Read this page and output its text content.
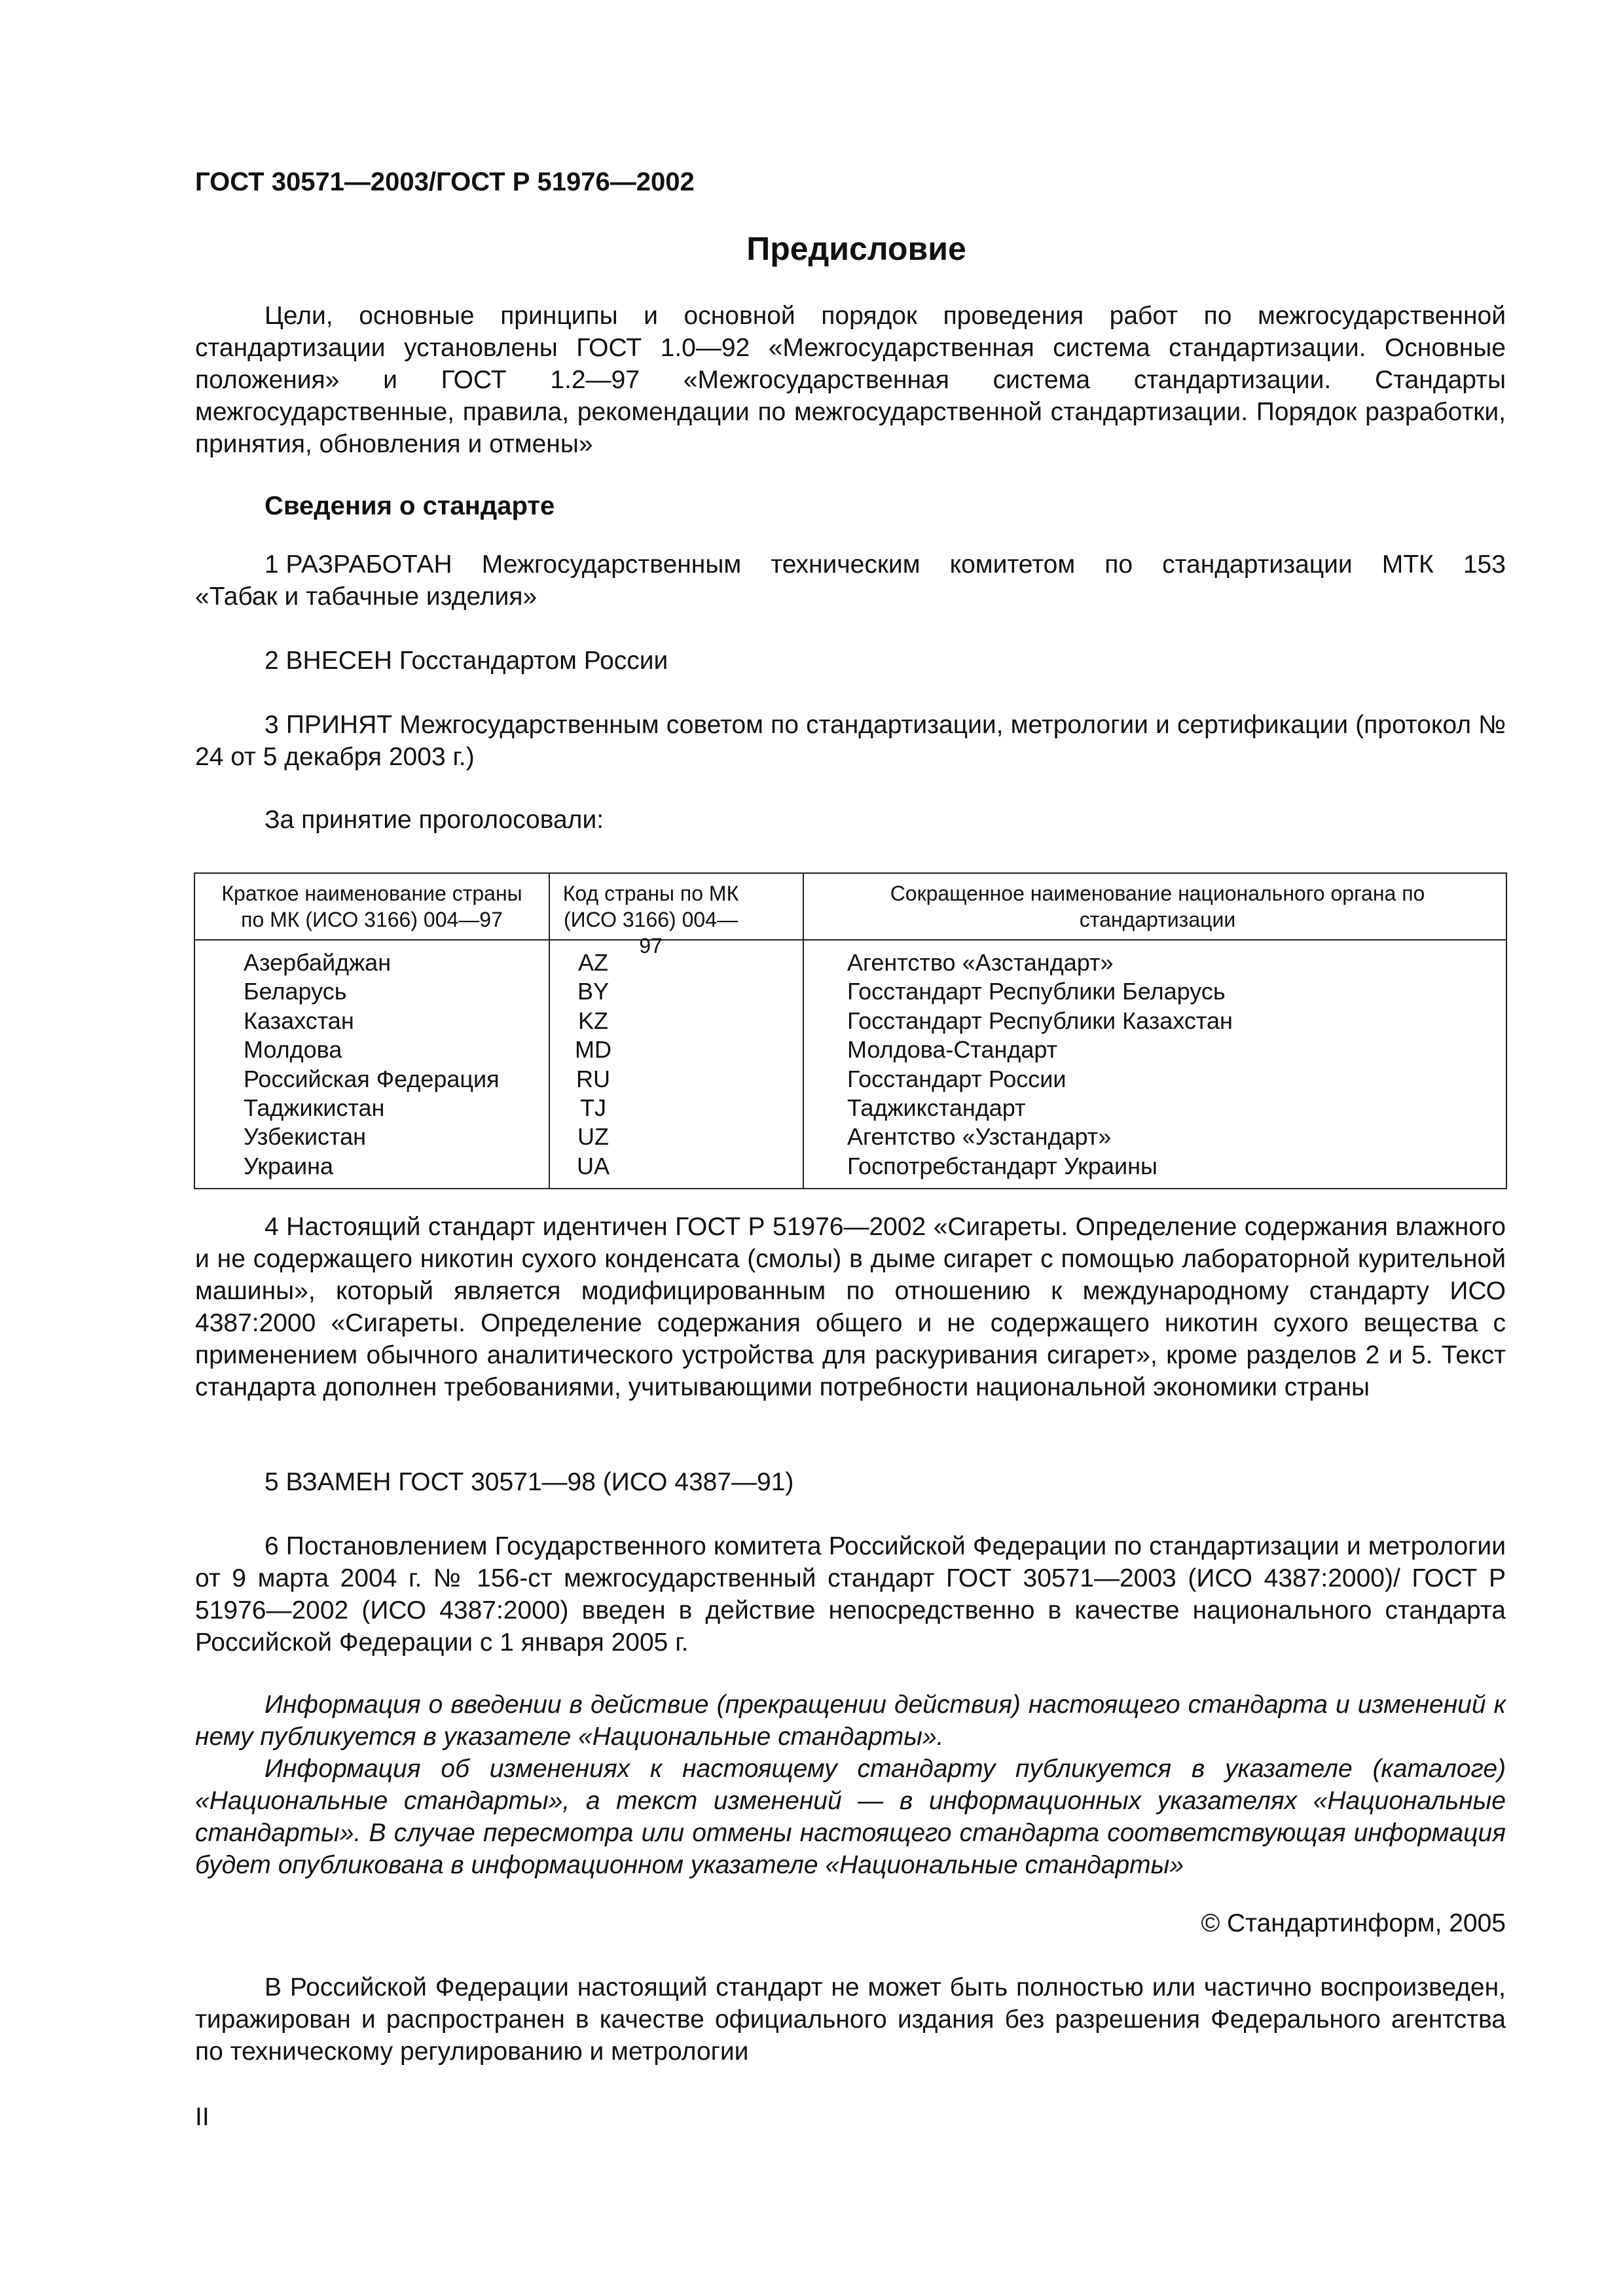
ГОСТ 30571—2003/ГОСТ Р 51976—2002
Предисловие
Цели, основные принципы и основной порядок проведения работ по межгосударственной стандартизации установлены ГОСТ 1.0—92 «Межгосударственная система стандартизации. Основные положения» и ГОСТ 1.2—97 «Межгосударственная система стандартизации. Стандарты межгосударственные, правила, рекомендации по межгосударственной стандартизации. Порядок разработки, принятия, обновления и отмены»
Сведения о стандарте
1 РАЗРАБОТАН Межгосударственным техническим комитетом по стандартизации МТК 153
«Табак и табачные изделия»
2 ВНЕСЕН Госстандартом России
3 ПРИНЯТ Межгосударственным советом по стандартизации, метрологии и сертификации (протокол № 24 от 5 декабря 2003 г.)
За принятие проголосовали:
Краткое наименование страны по МК (ИСО 3166) 004—97
Код страны по МК (ИСО 3166) 004—97
Сокращенное наименование национального органа по стандартизации
Азербайджан
Беларусь
Казахстан
Молдова
Российская Федерация
Таджикистан
Узбекистан
Украина
AZ
BY
KZ
MD
RU
TJ
UZ
UA
Агентство «Азстандарт»
Госстандарт Республики Беларусь
Госстандарт Республики Казахстан
Молдова-Стандарт
Госстандарт России
Таджикстандарт
Агентство «Узстандарт»
Госпотребстандарт Украины
4 Настоящий стандарт идентичен ГОСТ Р 51976—2002 «Сигареты. Определение содержания влажного и не содержащего никотин сухого конденсата (смолы) в дыме сигарет с помощью лабораторной курительной машины», который является модифицированным по отношению к международному стандарту ИСО 4387:2000 «Сигареты. Определение содержания общего и не содержащего никотин сухого вещества с применением обычного аналитического устройства для раскуривания сигарет», кроме разделов 2 и 5. Текст стандарта дополнен требованиями, учитывающими потребности национальной экономики страны
5 ВЗАМЕН ГОСТ 30571—98 (ИСО 4387—91)
6 Постановлением Государственного комитета Российской Федерации по стандартизации и метрологии от 9 марта 2004 г. № 156-ст межгосударственный стандарт ГОСТ 30571—2003 (ИСО 4387:2000)/ ГОСТ Р 51976—2002 (ИСО 4387:2000) введен в действие непосредственно в качестве национального стандарта Российской Федерации с 1 января 2005 г.
Информация о введении в действие (прекращении действия) настоящего стандарта и изменений к нему публикуется в указателе «Национальные стандарты».
Информация об изменениях к настоящему стандарту публикуется в указателе (каталоге) «Национальные стандарты», а текст изменений — в информационных указателях «Национальные стандарты». В случае пересмотра или отмены настоящего стандарта соответствующая информация будет опубликована в информационном указателе «Национальные стандарты»
© Стандартинформ, 2005
В Российской Федерации настоящий стандарт не может быть полностью или частично воспроизведен, тиражирован и распространен в качестве официального издания без разрешения Федерального агентства по техническому регулированию и метрологии
II
